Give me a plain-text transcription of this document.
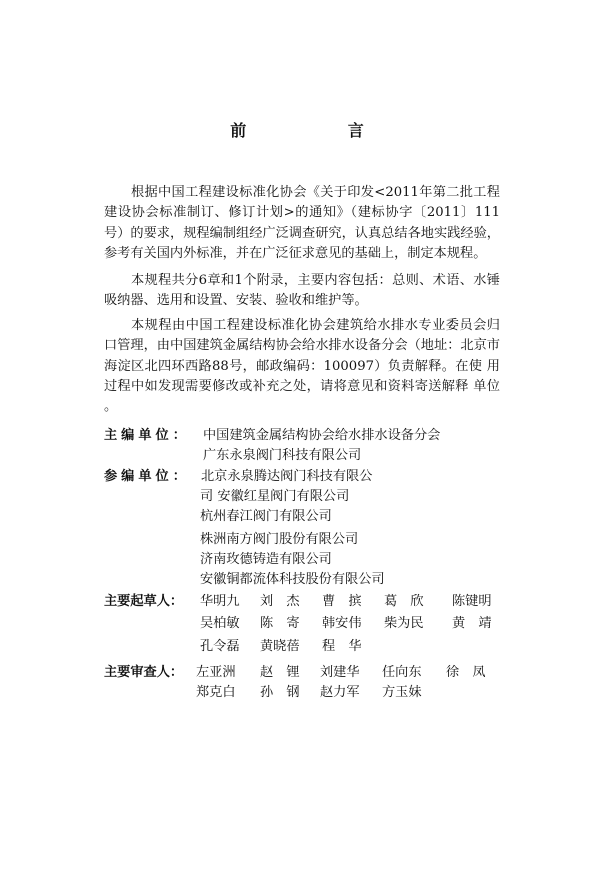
前 言

根据中国工程建设标准化协会《关于印发<2011年第二批工程建设协会标准制订、修订计划>的通知》（建标协字〔2011〕111号）的要求，规程编制组经广泛调查研究，认真总结各地实践经验，参考有关国内外标准，并在广泛征求意见的基础上，制定本规程。

本规程共分6章和1个附录，主要内容包括：总则、术语、水锤 吸纳器、选用和设置、安装、验收和维护等。

本规程由中国工程建设标准化协会建筑给水排水专业委员会归口管理，由中国建筑金属结构协会给水排水设备分会（地址：北京市海淀区北四环西路88号，邮政编码：100097）负责解释。在使 用过程中如发现需要修改或补充之处，请将意见和资料寄送解释 单位 。

主编单位： 中国建筑金属结构协会给水排水设备分会
广东永泉阀门科技有限公司
参编单位： 北京永泉腾达阀门科技有限公
司 安徽红星阀门有限公司
杭州春江阀门有限公司
株洲南方阀门股份有限公司
济南玫德铸造有限公司
安徽铜都流体科技股份有限公司
主要起草人： 华明九 刘　杰 曹　摈 葛　欣 陈键明
吴柏敏 陈　寄 韩安伟 柴为民 黄　靖
孔令磊 黄晓蓓 程　华
主要审查人： 左亚洲 赵　锂 刘建华 任向东 徐　凤
郑克白 孙　钢 赵力军 方玉妹
